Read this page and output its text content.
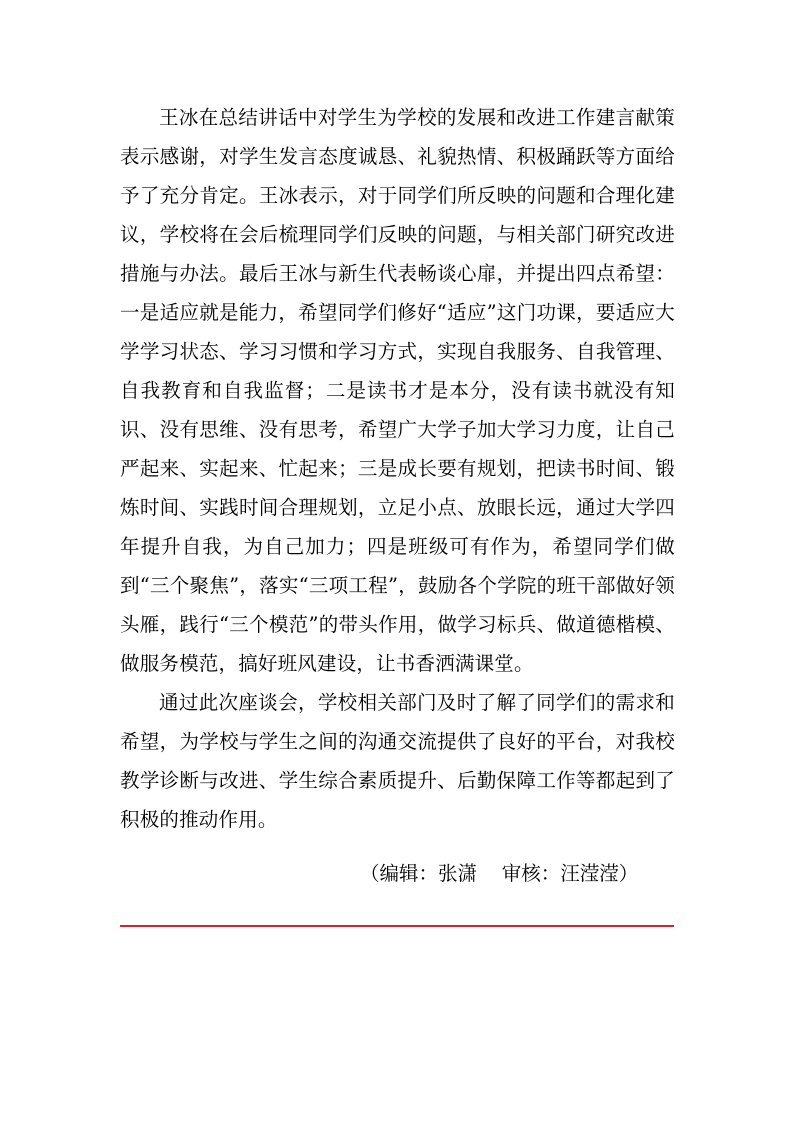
王冰在总结讲话中对学生为学校的发展和改进工作建言献策表示感谢，对学生发言态度诚恳、礼貌热情、积极踊跃等方面给予了充分肯定。王冰表示，对于同学们所反映的问题和合理化建议，学校将在会后梳理同学们反映的问题，与相关部门研究改进措施与办法。最后王冰与新生代表畅谈心扉，并提出四点希望：一是适应就是能力，希望同学们修好“适应”这门功课，要适应大学学习状态、学习习惯和学习方式，实现自我服务、自我管理、自我教育和自我监督；二是读书才是本分，没有读书就没有知识、没有思维、没有思考，希望广大学子加大学习力度，让自己严起来、实起来、忙起来；三是成长要有规划，把读书时间、锻炼时间、实践时间合理规划，立足小点、放眼长远，通过大学四年提升自我，为自己加力；四是班级可有作为，希望同学们做到“三个聚焦”，落实“三项工程”，鼓励各个学院的班干部做好领头雁，践行“三个模范”的带头作用，做学习标兵、做道德楷模、做服务模范，搞好班风建设，让书香洒满课堂。

通过此次座谈会，学校相关部门及时了解了同学们的需求和希望，为学校与学生之间的沟通交流提供了良好的平台，对我校教学诊断与改进、学生综合素质提升、后勤保障工作等都起到了积极的推动作用。

（编辑：张潇    审核：汪滢滢）
